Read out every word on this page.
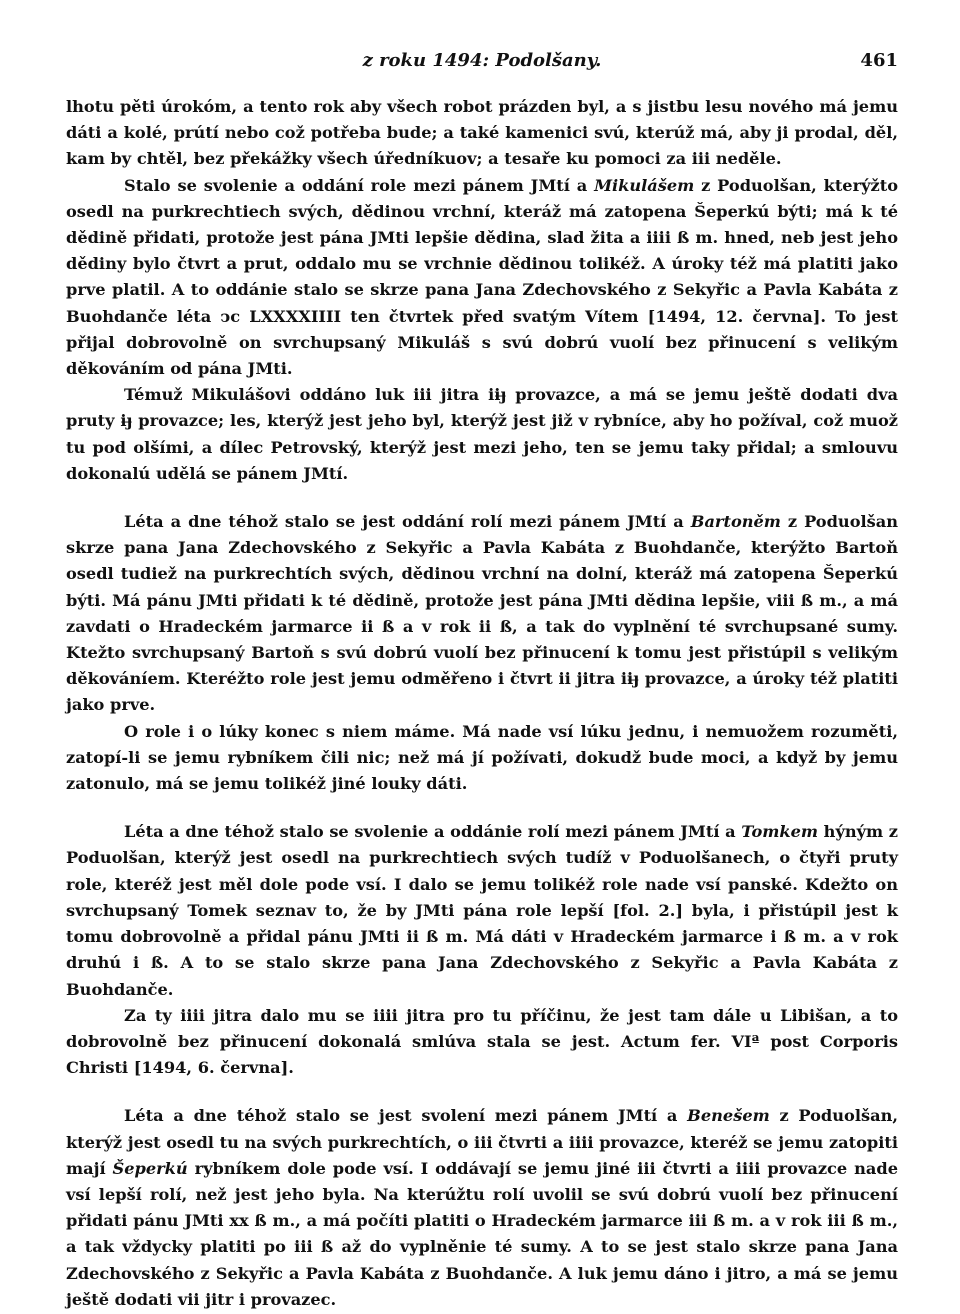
z roku 1494: Podolšany.	461

lhotu pěti úrokóm, a tento rok aby všech robot prázden byl, a s jistbu lesu nového má jemu dáti a kolé, prútí nebo což potřeba bude; a také kamenici svú, kterúž má, aby ji prodal, děl, kam by chtěl, bez překážky všech úředníkuov; a tesaře ku pomoci za iii neděle.

Stalo se svolenie a oddání role mezi pánem JMtí a Mikulášem z Poduolšan, kterýžto osedl na purkrechtiech svých, dědinou vrchní, kteráž má zatopena Šeperkú býti; má k té dědině přidati, protože jest pána JMti lepšie dědina, slad žita a iiii ß m. hned, neb jest jeho dědiny bylo čtvrt a prut, oddalo mu se vrchnie dědinou tolikéž. A úroky též má platiti jako prve platil. A to oddánie stalo se skrze pana Jana Zdechovského z Sekyřic a Pavla Kabáta z Buohdanče léta ↄc LXXXXIIII ten čtvrtek před svatým Vítem [1494, 12. června]. To jest přijal dobrovolně on svrchupsaný Mikuláš s svú dobrú vuolí bez přinucení s velikým děkováním od pána JMti.

Témuž Mikulášovi oddáno luk iii jitra iiȷ̶ provazce, a má se jemu ještě dodati dva pruty iȷ̶ provazce; les, kterýž jest jeho byl, kterýž jest již v rybníce, aby ho požíval, což muož tu pod olšími, a díleс Petrovský, kterýž jest mezi jeho, ten se jemu taky přidal; a smlouvu dokonalú udělá se pánem JMtí.

Léta a dne téhož stalo se jest oddání rolí mezi pánem JMtí a Bartoněm z Poduolšan skrze pana Jana Zdechovského z Sekyřic a Pavla Kabáta z Buohdanče, kterýžto Bartoň osedl tudiež na purkrechtích svých, dědinou vrchní na dolní, kteráž má zatopena Šeperkú býti. Má pánu JMti přidati k té dědině, protože jest pána JMti dědina lepšie, viii ß m., a má zavdati o Hradeckém jarmarce ii ß a v rok ii ß, a tak do vyplnění té svrchupsané sumy. Ktežto svrchupsaný Bartoň s svú dobrú vuolí bez přinucení k tomu jest přistúpil s velikým děkováníem. Kteréžto role jest jemu odměřeno i čtvrt ii jitra iiȷ̶ provazce, a úroky též platiti jako prve.

O role i o lúky konec s niem máme. Má nade vsí lúku jednu, i nemuožem rozuměti, zatopí-li se jemu rybníkem čili nic; než má jí požívati, dokudž bude moci, a když by jemu zatonulo, má se jemu tolikéž jiné louky dáti.

Léta a dne téhož stalo se svolenie a oddánie rolí mezi pánem JMtí a Tomkem hýným z Poduolšan, kterýž jest osedl na purkrechtiech svých tudíž v Poduolšanech, o čtyři pruty role, kteréž jest měl dole pode vsí. I dalo se jemu tolikéž role nade vsí panské. Kdežto on svrchupsaný Tomek seznav to, že by JMti pána role lepší [fol. 2.] byla, i přistúpil jest k tomu dobrovolně a přidal pánu JMti ii ß m. Má dáti v Hradeckém jarmarce i ß m. a v rok druhú i ß. A to se stalo skrze pana Jana Zdechovského z Sekyřic a Pavla Kabáta z Buohdanče.

Za ty iiii jitra dalo mu se iiii jitra pro tu příčinu, že jest tam dále u Libišan, a to dobrovolně bez přinucení dokonalá smlúva stala se jest. Actum fer. VIª post Corporis Christi [1494, 6. června].

Léta a dne téhož stalo se jest svolení mezi pánem JMtí a Benešem z Poduolšan, kterýž jest osedl tu na svých purkrechtích, o iii čtvrti a iiii provazce, kteréž se jemu zatopiti mají Šeperkú rybníkem dole pode vsí. I oddávají se jemu jiné iii čtvrti a iiii provazce nade vsí lepší rolí, než jest jeho byla. Na kterúžtu rolí uvolil se svú dobrú vuolí bez přinucení přidati pánu JMti xx ß m., a má počíti platiti o Hradeckém jarmarce iii ß m. a v rok iii ß m., a tak vždycky platiti po iii ß až do vyplněnie té sumy. A to se jest stalo skrze pana Jana Zdechovského z Sekyřic a Pavla Kabáta z Buohdanče. A luk jemu dáno i jitro, a má se jemu ještě dodati vii jitr i provazec.
